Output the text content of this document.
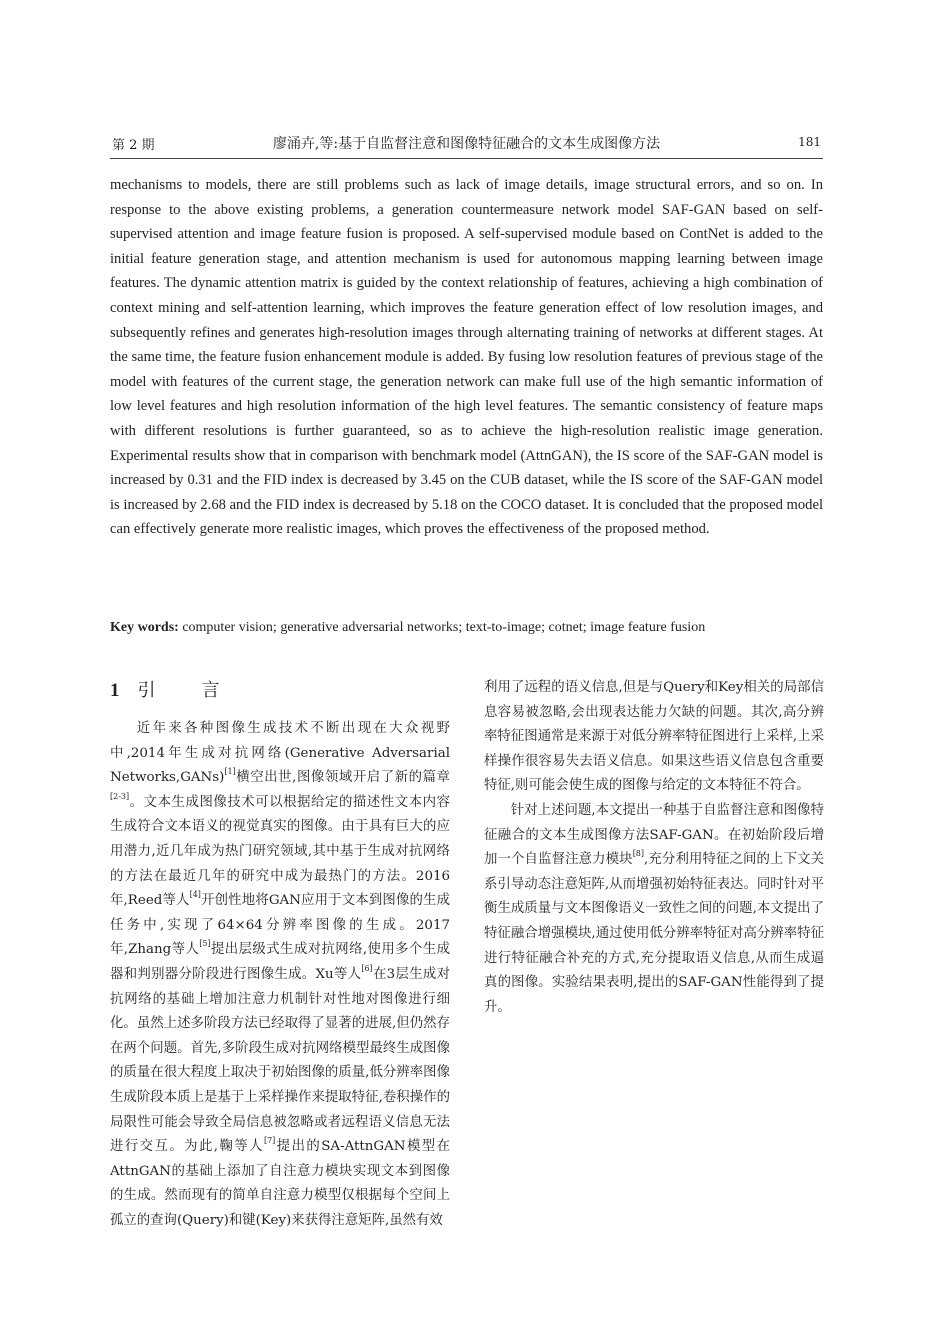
第 2 期	廖涌卉,等:基于自监督注意和图像特征融合的文本生成图像方法	181

mechanisms to models, there are still problems such as lack of image details, image structural errors, and so on. In response to the above existing problems, a generation countermeasure network model SAF-GAN based on self-supervised attention and image feature fusion is proposed. A self-supervised module based on ContNet is added to the initial feature generation stage, and attention mechanism is used for autonomous mapping learning between image features. The dynamic attention matrix is guided by the context relationship of features, achieving a high combination of context mining and self-attention learning, which improves the feature generation effect of low resolution images, and subsequently refines and generates high-resolution images through alternating training of networks at different stages. At the same time, the feature fusion enhancement module is added. By fusing low resolution features of previous stage of the model with features of the current stage, the generation network can make full use of the high semantic information of low level features and high resolution information of the high level features. The semantic consistency of feature maps with different resolutions is further guaranteed, so as to achieve the high-resolution realistic image generation. Experimental results show that in comparison with benchmark model (AttnGAN), the IS score of the SAF-GAN model is increased by 0.31 and the FID index is decreased by 3.45 on the CUB dataset, while the IS score of the SAF-GAN model is increased by 2.68 and the FID index is decreased by 5.18 on the COCO dataset. It is concluded that the proposed model can effectively generate more realistic images, which proves the effectiveness of the proposed method.

Key words: computer vision; generative adversarial networks; text-to-image; cotnet; image feature fusion
1 引言

近年来各种图像生成技术不断出现在大众视野中,2014年生成对抗网络(Generative Adversarial Networks,GANs)[1]横空出世,图像领域开启了新的篇章[2-3]。文本生成图像技术可以根据给定的描述性文本内容生成符合文本语义的视觉真实的图像。由于具有巨大的应用潜力,近几年成为热门研究领域,其中基于生成对抗网络的方法在最近几年的研究中成为最热门的方法。2016年,Reed等人[4]开创性地将GAN应用于文本到图像的生成任务中,实现了64×64分辨率图像的生成。2017年,Zhang等人[5]提出层级式生成对抗网络,使用多个生成器和判别器分阶段进行图像生成。Xu等人[6]在3层生成对抗网络的基础上增加注意力机制针对性地对图像进行细化。虽然上述多阶段方法已经取得了显著的进展,但仍然存在两个问题。首先,多阶段生成对抗网络模型最终生成图像的质量在很大程度上取决于初始图像的质量,低分辨率图像生成阶段本质上是基于上采样操作来提取特征,卷积操作的局限性可能会导致全局信息被忽略或者远程语义信息无法进行交互。为此,鞠等人[7]提出的SA-AttnGAN模型在AttnGAN的基础上添加了自注意力模块实现文本到图像的生成。然而现有的简单自注意力模型仅根据每个空间上孤立的查询(Query)和键(Key)来获得注意矩阵,虽然有效

利用了远程的语义信息,但是与Query和Key相关的局部信息容易被忽略,会出现表达能力欠缺的问题。其次,高分辨率特征图通常是来源于对低分辨率特征图进行上采样,上采样操作很容易失去语义信息。如果这些语义信息包含重要特征,则可能会使生成的图像与给定的文本特征不符合。

针对上述问题,本文提出一种基于自监督注意和图像特征融合的文本生成图像方法SAF-GAN。在初始阶段后增加一个自监督注意力模块[8],充分利用特征之间的上下文关系引导动态注意矩阵,从而增强初始特征表达。同时针对平衡生成质量与文本图像语义一致性之间的问题,本文提出了特征融合增强模块,通过使用低分辨率特征对高分辨率特征进行特征融合补充的方式,充分提取语义信息,从而生成逼真的图像。实验结果表明,提出的SAF-GAN性能得到了提升。
